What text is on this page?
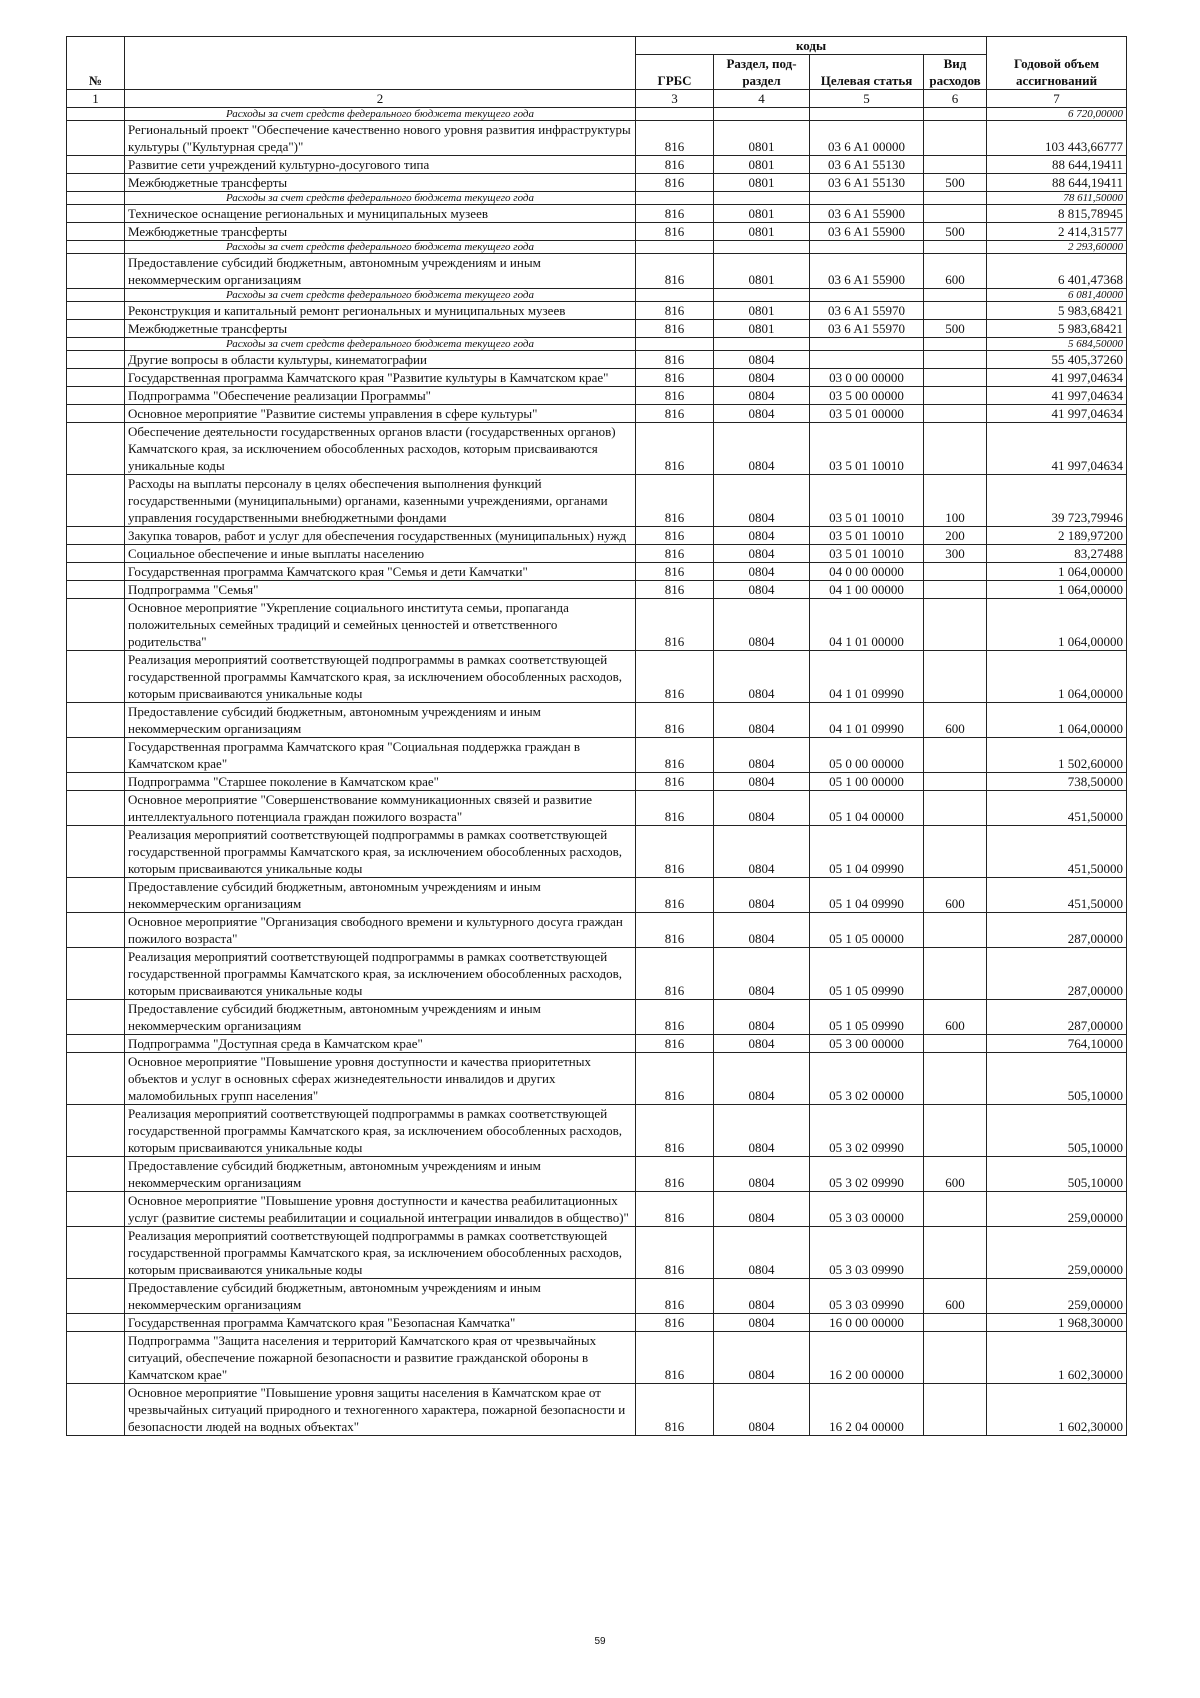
№		коды				Годовой объем ассигнований
		ГРБС	Раздел, под-раздел	Целевая статья	Вид расходов	
1	2	3	4	5	6	7
	Расходы за счет средств федерального бюджета текущего года					6 720,00000
	Региональный проект "Обеспечение качественно нового уровня развития инфраструктуры культуры ("Культурная среда")"	816	0801	03 6 A1 00000		103 443,66777
	Развитие сети учреждений культурно-досугового типа	816	0801	03 6 A1 55130		88 644,19411
	Межбюджетные трансферты	816	0801	03 6 A1 55130	500	88 644,19411
	Расходы за счет средств федерального бюджета текущего года					78 611,50000
	Техническое оснащение региональных и муниципальных музеев	816	0801	03 6 A1 55900		8 815,78945
	Межбюджетные трансферты	816	0801	03 6 A1 55900	500	2 414,31577
	Расходы за счет средств федерального бюджета текущего года					2 293,60000
	Предоставление субсидий бюджетным, автономным учреждениям и иным некоммерческим организациям	816	0801	03 6 A1 55900	600	6 401,47368
	Расходы за счет средств федерального бюджета текущего года					6 081,40000
	Реконструкция и капитальный ремонт региональных и муниципальных музеев	816	0801	03 6 A1 55970		5 983,68421
	Межбюджетные трансферты	816	0801	03 6 A1 55970	500	5 983,68421
	Расходы за счет средств федерального бюджета текущего года					5 684,50000
	Другие вопросы в области культуры, кинематографии	816	0804			55 405,37260
	Государственная программа Камчатского края "Развитие культуры в Камчатском крае"	816	0804	03 0 00 00000		41 997,04634
	Подпрограмма "Обеспечение реализации Программы"	816	0804	03 5 00 00000		41 997,04634
	Основное мероприятие "Развитие системы управления в сфере культуры"	816	0804	03 5 01 00000		41 997,04634
	Обеспечение деятельности государственных органов власти (государственных органов) Камчатского края, за исключением обособленных расходов, которым присваиваются уникальные коды	816	0804	03 5 01 10010		41 997,04634
	Расходы на выплаты персоналу в целях обеспечения выполнения функций государственными (муниципальными) органами, казенными учреждениями, органами управления государственными внебюджетными фондами	816	0804	03 5 01 10010	100	39 723,79946
	Закупка товаров, работ и услуг для обеспечения государственных (муниципальных) нужд	816	0804	03 5 01 10010	200	2 189,97200
	Социальное обеспечение и иные выплаты населению	816	0804	03 5 01 10010	300	83,27488
	Государственная программа Камчатского края "Семья и дети Камчатки"	816	0804	04 0 00 00000		1 064,00000
	Подпрограмма "Семья"	816	0804	04 1 00 00000		1 064,00000
	Основное мероприятие "Укрепление социального института семьи, пропаганда положительных семейных традиций и семейных ценностей и ответственного родительства"	816	0804	04 1 01 00000		1 064,00000
	Реализация мероприятий соответствующей подпрограммы в рамках соответствующей государственной программы Камчатского края, за исключением обособленных расходов, которым присваиваются уникальные коды	816	0804	04 1 01 09990		1 064,00000
	Предоставление субсидий бюджетным, автономным учреждениям и иным некоммерческим организациям	816	0804	04 1 01 09990	600	1 064,00000
	Государственная программа Камчатского края "Социальная поддержка граждан в Камчатском крае"	816	0804	05 0 00 00000		1 502,60000
	Подпрограмма "Старшее поколение в Камчатском крае"	816	0804	05 1 00 00000		738,50000
	Основное мероприятие "Совершенствование коммуникационных связей и развитие интеллектуального потенциала граждан пожилого возраста"	816	0804	05 1 04 00000		451,50000
	Реализация мероприятий соответствующей подпрограммы в рамках соответствующей государственной программы Камчатского края, за исключением обособленных расходов, которым присваиваются уникальные коды	816	0804	05 1 04 09990		451,50000
	Предоставление субсидий бюджетным, автономным учреждениям и иным некоммерческим организациям	816	0804	05 1 04 09990	600	451,50000
	Основное мероприятие "Организация свободного времени и культурного досуга граждан пожилого возраста"	816	0804	05 1 05 00000		287,00000
	Реализация мероприятий соответствующей подпрограммы в рамках соответствующей государственной программы Камчатского края, за исключением обособленных расходов, которым присваиваются уникальные коды	816	0804	05 1 05 09990		287,00000
	Предоставление субсидий бюджетным, автономным учреждениям и иным некоммерческим организациям	816	0804	05 1 05 09990	600	287,00000
	Подпрограмма "Доступная среда в Камчатском крае"	816	0804	05 3 00 00000		764,10000
	Основное мероприятие "Повышение уровня доступности и качества приоритетных объектов и услуг в основных сферах жизнедеятельности инвалидов и других маломобильных групп населения"	816	0804	05 3 02 00000		505,10000
	Реализация мероприятий соответствующей подпрограммы в рамках соответствующей государственной программы Камчатского края, за исключением обособленных расходов, которым присваиваются уникальные коды	816	0804	05 3 02 09990		505,10000
	Предоставление субсидий бюджетным, автономным учреждениям и иным некоммерческим организациям	816	0804	05 3 02 09990	600	505,10000
	Основное мероприятие "Повышение уровня доступности и качества реабилитационных услуг (развитие системы реабилитации и социальной интеграции инвалидов в общество)"	816	0804	05 3 03 00000		259,00000
	Реализация мероприятий соответствующей подпрограммы в рамках соответствующей государственной программы Камчатского края, за исключением обособленных расходов, которым присваиваются уникальные коды	816	0804	05 3 03 09990		259,00000
	Предоставление субсидий бюджетным, автономным учреждениям и иным некоммерческим организациям	816	0804	05 3 03 09990	600	259,00000
	Государственная программа Камчатского края "Безопасная Камчатка"	816	0804	16 0 00 00000		1 968,30000
	Подпрограмма "Защита населения и территорий Камчатского края от чрезвычайных ситуаций, обеспечение пожарной безопасности и развитие гражданской обороны в Камчатском крае"	816	0804	16 2 00 00000		1 602,30000
	Основное мероприятие "Повышение уровня защиты населения в Камчатском крае от чрезвычайных ситуаций природного и техногенного характера, пожарной безопасности и безопасности людей на водных объектах"	816	0804	16 2 04 00000		1 602,30000
59
